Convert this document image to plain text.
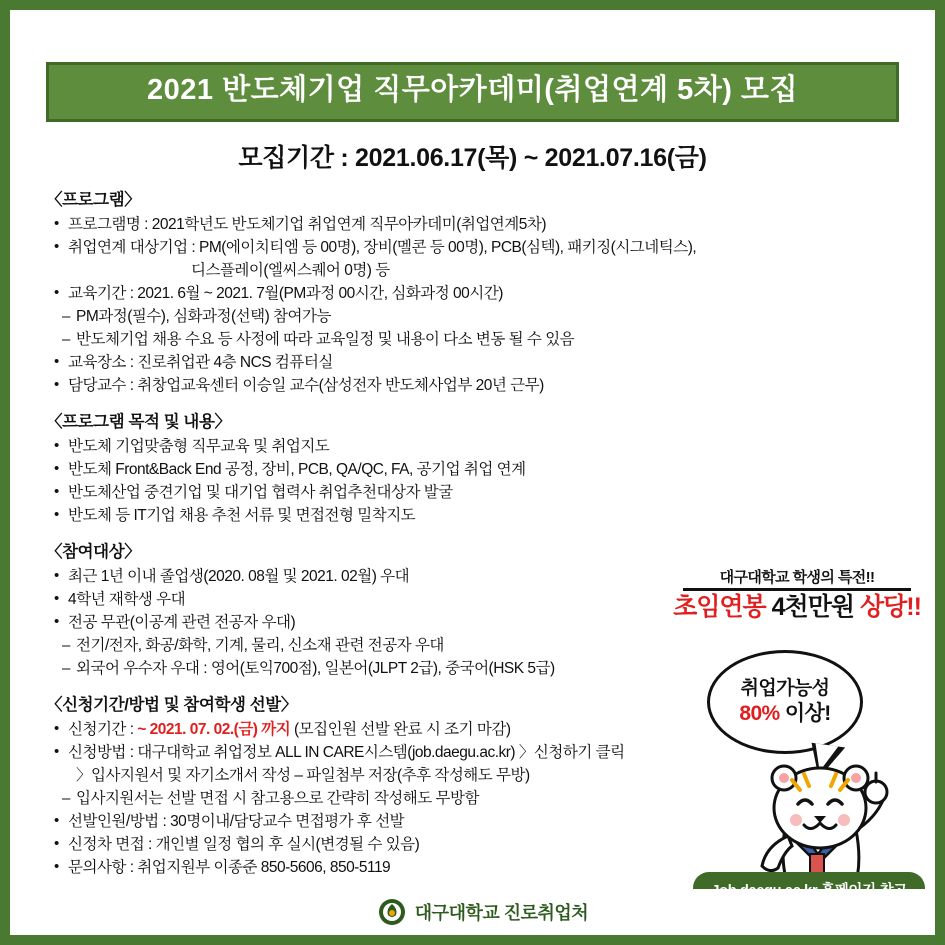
2021 반도체기업 직무아카데미(취업연계 5차) 모집
모집기간 : 2021.06.17(목) ~ 2021.07.16(금)
〈프로그램〉
• 프로그램명 : 2021학년도 반도체기업 취업연계 직무아카데미(취업연계5차)
• 취업연계 대상기업 : PM(에이치티엠 등 00명), 장비(멜콘 등 00명), PCB(심텍), 패키징(시그네틱스),
디스플레이(엘씨스퀘어 0명) 등
• 교육기간 : 2021. 6월 ~ 2021. 7월(PM과정 00시간, 심화과정 00시간)
– PM과정(필수), 심화과정(선택) 참여가능
– 반도체기업 채용 수요 등 사정에 따라 교육일정 및 내용이 다소 변동 될 수 있음
• 교육장소 : 진로취업관 4층 NCS 컴퓨터실
• 담당교수 : 취창업교육센터 이승일 교수(삼성전자 반도체사업부 20년 근무)
〈프로그램 목적 및 내용〉
• 반도체 기업맞춤형 직무교육 및 취업지도
• 반도체 Front&Back End 공정, 장비, PCB, QA/QC, FA, 공기업 취업 연계
• 반도체산업 중견기업 및 대기업 협력사 취업추천대상자 발굴
• 반도체 등 IT기업 채용 추천 서류 및 면접전형 밀착지도
〈참여대상〉
• 최근 1년 이내 졸업생(2020. 08월 및 2021. 02월) 우대
• 4학년 재학생 우대
• 전공 무관(이공계 관련 전공자 우대)
– 전기/전자, 화공/화학, 기계, 물리, 신소재 관련 전공자 우대
– 외국어 우수자 우대 : 영어(토익700점), 일본어(JLPT 2급), 중국어(HSK 5급)
〈신청기간/방법 및 참여학생 선발〉
• 신청기간 : ~ 2021. 07. 02.(금) 까지 (모집인원 선발 완료 시 조기 마감)
• 신청방법 : 대구대학교 취업정보 ALL IN CARE시스템(job.daegu.ac.kr) 〉신청하기 클릭
〉입사지원서 및 자기소개서 작성 – 파일첨부 저장(추후 작성해도 무방)
– 입사지원서는 선발 면접 시 참고용으로 간략히 작성해도 무방함
• 선발인원/방법 : 30명이내/담당교수 면접평가 후 선발
• 신정차 면접 : 개인별 일정 협의 후 실시(변경될 수 있음)
• 문의사항 : 취업지원부 이종준 850-5606, 850-5119
대구대학교 학생의 특전!!
초임연봉 4천만원 상당!!
취업가능성
80% 이상!
대구대학교 진로취업처
